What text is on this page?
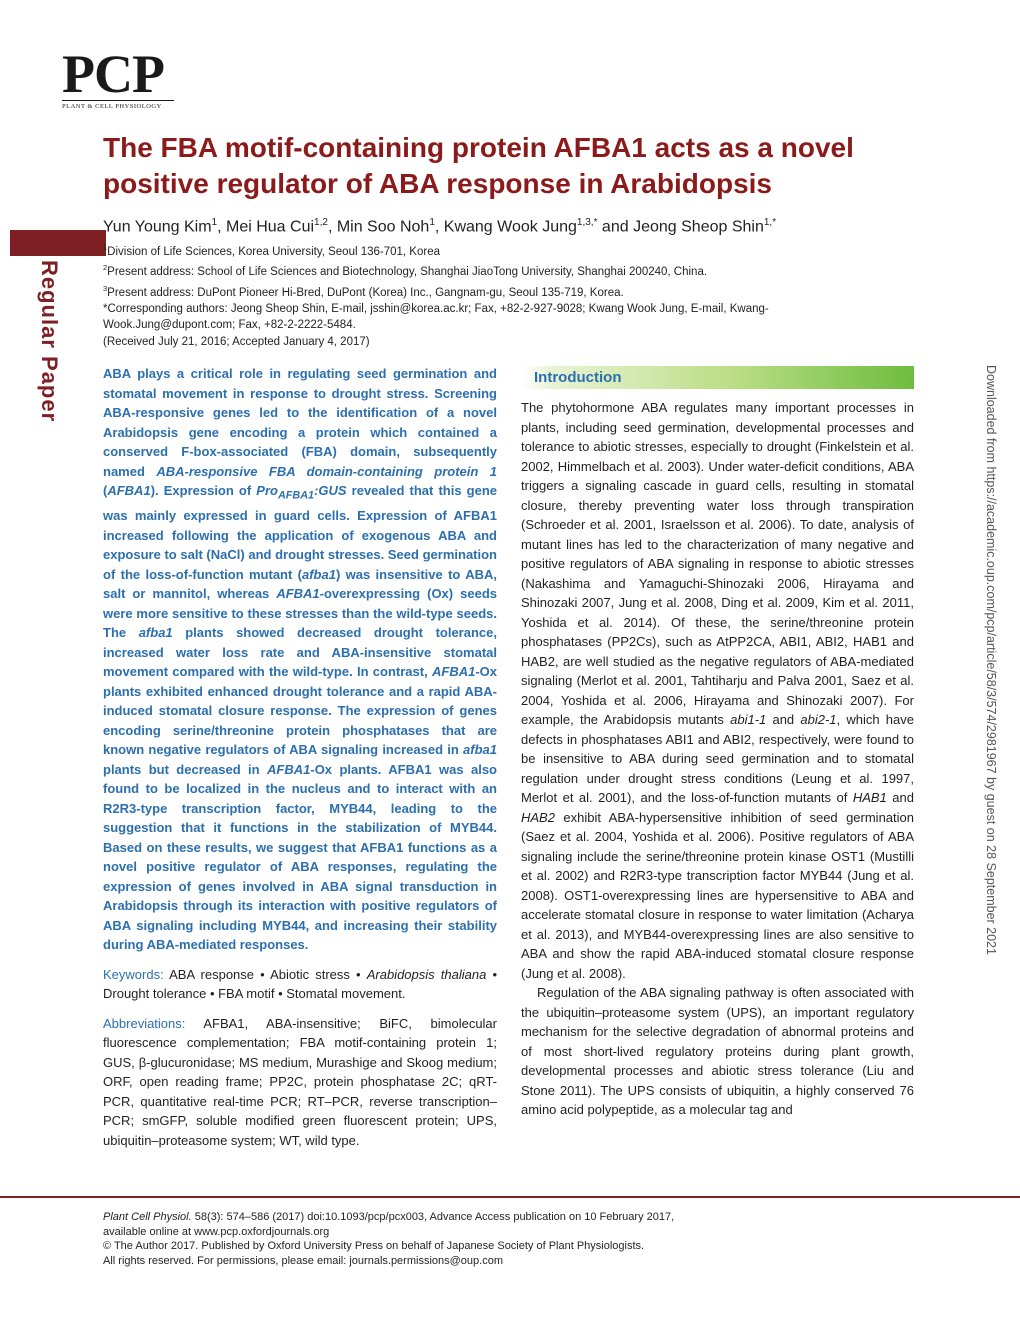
PCP
PLANT & CELL PHYSIOLOGY
Regular Paper
The FBA motif-containing protein AFBA1 acts as a novel positive regulator of ABA response in Arabidopsis

Yun Young Kim$^1$, Mei Hua Cui$^{1,2}$, Min Soo Noh$^1$, Kwang Wook Jung$^{1,3,*}$ and Jeong Sheop Shin$^{1,*}$

$^1$Division of Life Sciences, Korea University, Seoul 136-701, Korea

$^2$Present address: School of Life Sciences and Biotechnology, Shanghai JiaoTong University, Shanghai 200240, China.

$^3$Present address: DuPont Pioneer Hi-Bred, DuPont (Korea) Inc., Gangnam-gu, Seoul 135-719, Korea.

*Corresponding authors: Jeong Sheop Shin, E-mail, jsshin@korea.ac.kr; Fax, +82-2-927-9028; Kwang Wook Jung, E-mail, Kwang-Wook.Jung@dupont.com; Fax, +82-2-2222-5484.

(Received July 21, 2016; Accepted January 4, 2017)

ABA plays a critical role in regulating seed germination and stomatal movement in response to drought stress. Screening ABA-responsive genes led to the identification of a novel Arabidopsis gene encoding a protein which contained a conserved F-box-associated (FBA) domain, subsequently named ABA-responsive FBA domain-containing protein 1 (AFBA1). Expression of Pro$_{AFBA1}$:GUS revealed that this gene was mainly expressed in guard cells. Expression of AFBA1 increased following the application of exogenous ABA and exposure to salt (NaCl) and drought stresses. Seed germination of the loss-of-function mutant (afba1) was insensitive to ABA, salt or mannitol, whereas AFBA1-overexpressing (Ox) seeds were more sensitive to these stresses than the wild-type seeds. The afba1 plants showed decreased drought tolerance, increased water loss rate and ABA-insensitive stomatal movement compared with the wild-type. In contrast, AFBA1-Ox plants exhibited enhanced drought tolerance and a rapid ABA-induced stomatal closure response. The expression of genes encoding serine/threonine protein phosphatases that are known negative regulators of ABA signaling increased in afba1 plants but decreased in AFBA1-Ox plants. AFBA1 was also found to be localized in the nucleus and to interact with an R2R3-type transcription factor, MYB44, leading to the suggestion that it functions in the stabilization of MYB44. Based on these results, we suggest that AFBA1 functions as a novel positive regulator of ABA responses, regulating the expression of genes involved in ABA signal transduction in Arabidopsis through its interaction with positive regulators of ABA signaling including MYB44, and increasing their stability during ABA-mediated responses.

Keywords: ABA response • Abiotic stress • Arabidopsis thaliana • Drought tolerance • FBA motif • Stomatal movement.

Abbreviations: AFBA1, ABA-insensitive; BiFC, bimolecular fluorescence complementation; FBA motif-containing protein 1; GUS, β-glucuronidase; MS medium, Murashige and Skoog medium; ORF, open reading frame; PP2C, protein phosphatase 2C; qRT-PCR, quantitative real-time PCR; RT–PCR, reverse transcription–PCR; smGFP, soluble modified green fluorescent protein; UPS, ubiquitin–proteasome system; WT, wild type.

Introduction

The phytohormone ABA regulates many important processes in plants, including seed germination, developmental processes and tolerance to abiotic stresses, especially to drought (Finkelstein et al. 2002, Himmelbach et al. 2003). Under water-deficit conditions, ABA triggers a signaling cascade in guard cells, resulting in stomatal closure, thereby preventing water loss through transpiration (Schroeder et al. 2001, Israelsson et al. 2006). To date, analysis of mutant lines has led to the characterization of many negative and positive regulators of ABA signaling in response to abiotic stresses (Nakashima and Yamaguchi-Shinozaki 2006, Hirayama and Shinozaki 2007, Jung et al. 2008, Ding et al. 2009, Kim et al. 2011, Yoshida et al. 2014). Of these, the serine/threonine protein phosphatases (PP2Cs), such as AtPP2CA, ABI1, ABI2, HAB1 and HAB2, are well studied as the negative regulators of ABA-mediated signaling (Merlot et al. 2001, Tahtiharju and Palva 2001, Saez et al. 2004, Yoshida et al. 2006, Hirayama and Shinozaki 2007). For example, the Arabidopsis mutants abi1-1 and abi2-1, which have defects in phosphatases ABI1 and ABI2, respectively, were found to be insensitive to ABA during seed germination and to stomatal regulation under drought stress conditions (Leung et al. 1997, Merlot et al. 2001), and the loss-of-function mutants of HAB1 and HAB2 exhibit ABA-hypersensitive inhibition of seed germination (Saez et al. 2004, Yoshida et al. 2006). Positive regulators of ABA signaling include the serine/threonine protein kinase OST1 (Mustilli et al. 2002) and R2R3-type transcription factor MYB44 (Jung et al. 2008). OST1-overexpressing lines are hypersensitive to ABA and accelerate stomatal closure in response to water limitation (Acharya et al. 2013), and MYB44-overexpressing lines are also sensitive to ABA and show the rapid ABA-induced stomatal closure response (Jung et al. 2008).

Regulation of the ABA signaling pathway is often associated with the ubiquitin–proteasome system (UPS), an important regulatory mechanism for the selective degradation of abnormal proteins and of most short-lived regulatory proteins during plant growth, developmental processes and abiotic stress tolerance (Liu and Stone 2011). The UPS consists of ubiquitin, a highly conserved 76 amino acid polypeptide, as a molecular tag and

Downloaded from https://academic.oup.com/pcp/article/58/3/574/2981967 by guest on 28 September 2021

Plant Cell Physiol. 58(3): 574–586 (2017) doi:10.1093/pcp/pcx003, Advance Access publication on 10 February 2017,

available online at www.pcp.oxfordjournals.org

© The Author 2017. Published by Oxford University Press on behalf of Japanese Society of Plant Physiologists.

All rights reserved. For permissions, please email: journals.permissions@oup.com
